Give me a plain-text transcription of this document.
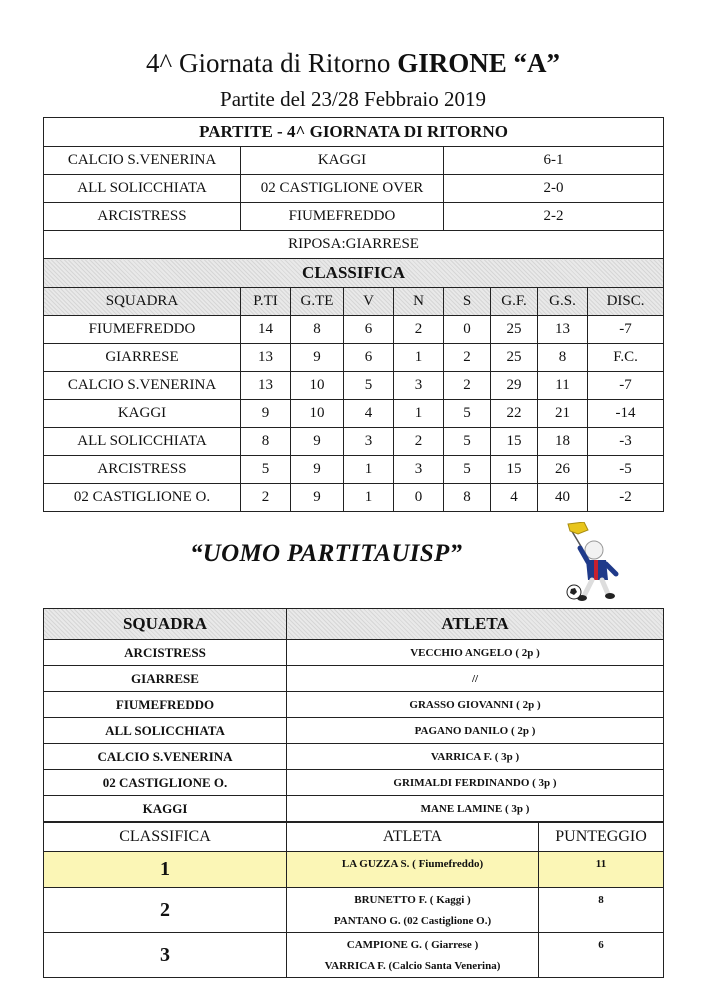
4^ Giornata di Ritorno GIRONE “A”
Partite del 23/28 Febbraio 2019
PARTITE - 4^ GIORNATA DI RITORNO								
CALCIO S.VENERINA	KAGGI				6-1			
ALL SOLICCHIATA	02 CASTIGLIONE OVER				2-0			
ARCISTRESS	FIUMEFREDDO				2-2			
RIPOSA:GIARRESE								
CLASSIFICA								
SQUADRA	P.TI	G.TE	V	N	S	G.F.	G.S.	DISC.
FIUMEFREDDO	14	8	6	2	0	25	13	-7
GIARRESE	13	9	6	1	2	25	8	F.C.
CALCIO S.VENERINA	13	10	5	3	2	29	11	-7
KAGGI	9	10	4	1	5	22	21	-14
ALL SOLICCHIATA	8	9	3	2	5	15	18	-3
ARCISTRESS	5	9	1	3	5	15	26	-5
02 CASTIGLIONE O.	2	9	1	0	8	4	40	-2
“UOMO PARTITAUISP”
SQUADRA	ATLETA	
ARCISTRESS	VECCHIO ANGELO ( 2p )	
GIARRESE	//	
FIUMEFREDDO	GRASSO GIOVANNI ( 2p )	
ALL SOLICCHIATA	PAGANO DANILO ( 2p )	
CALCIO S.VENERINA	VARRICA F. ( 3p )	
02 CASTIGLIONE O.	GRIMALDI FERDINANDO ( 3p )	
KAGGI	MANE LAMINE ( 3p )	
CLASSIFICA	ATLETA	PUNTEGGIO
1	LA GUZZA S. ( Fiumefreddo)	11
2	BRUNETTO F. ( Kaggi )
PANTANO G. (02 Castiglione O.)	8
3	CAMPIONE G. ( Giarrese )
VARRICA F. (Calcio Santa Venerina)	6
